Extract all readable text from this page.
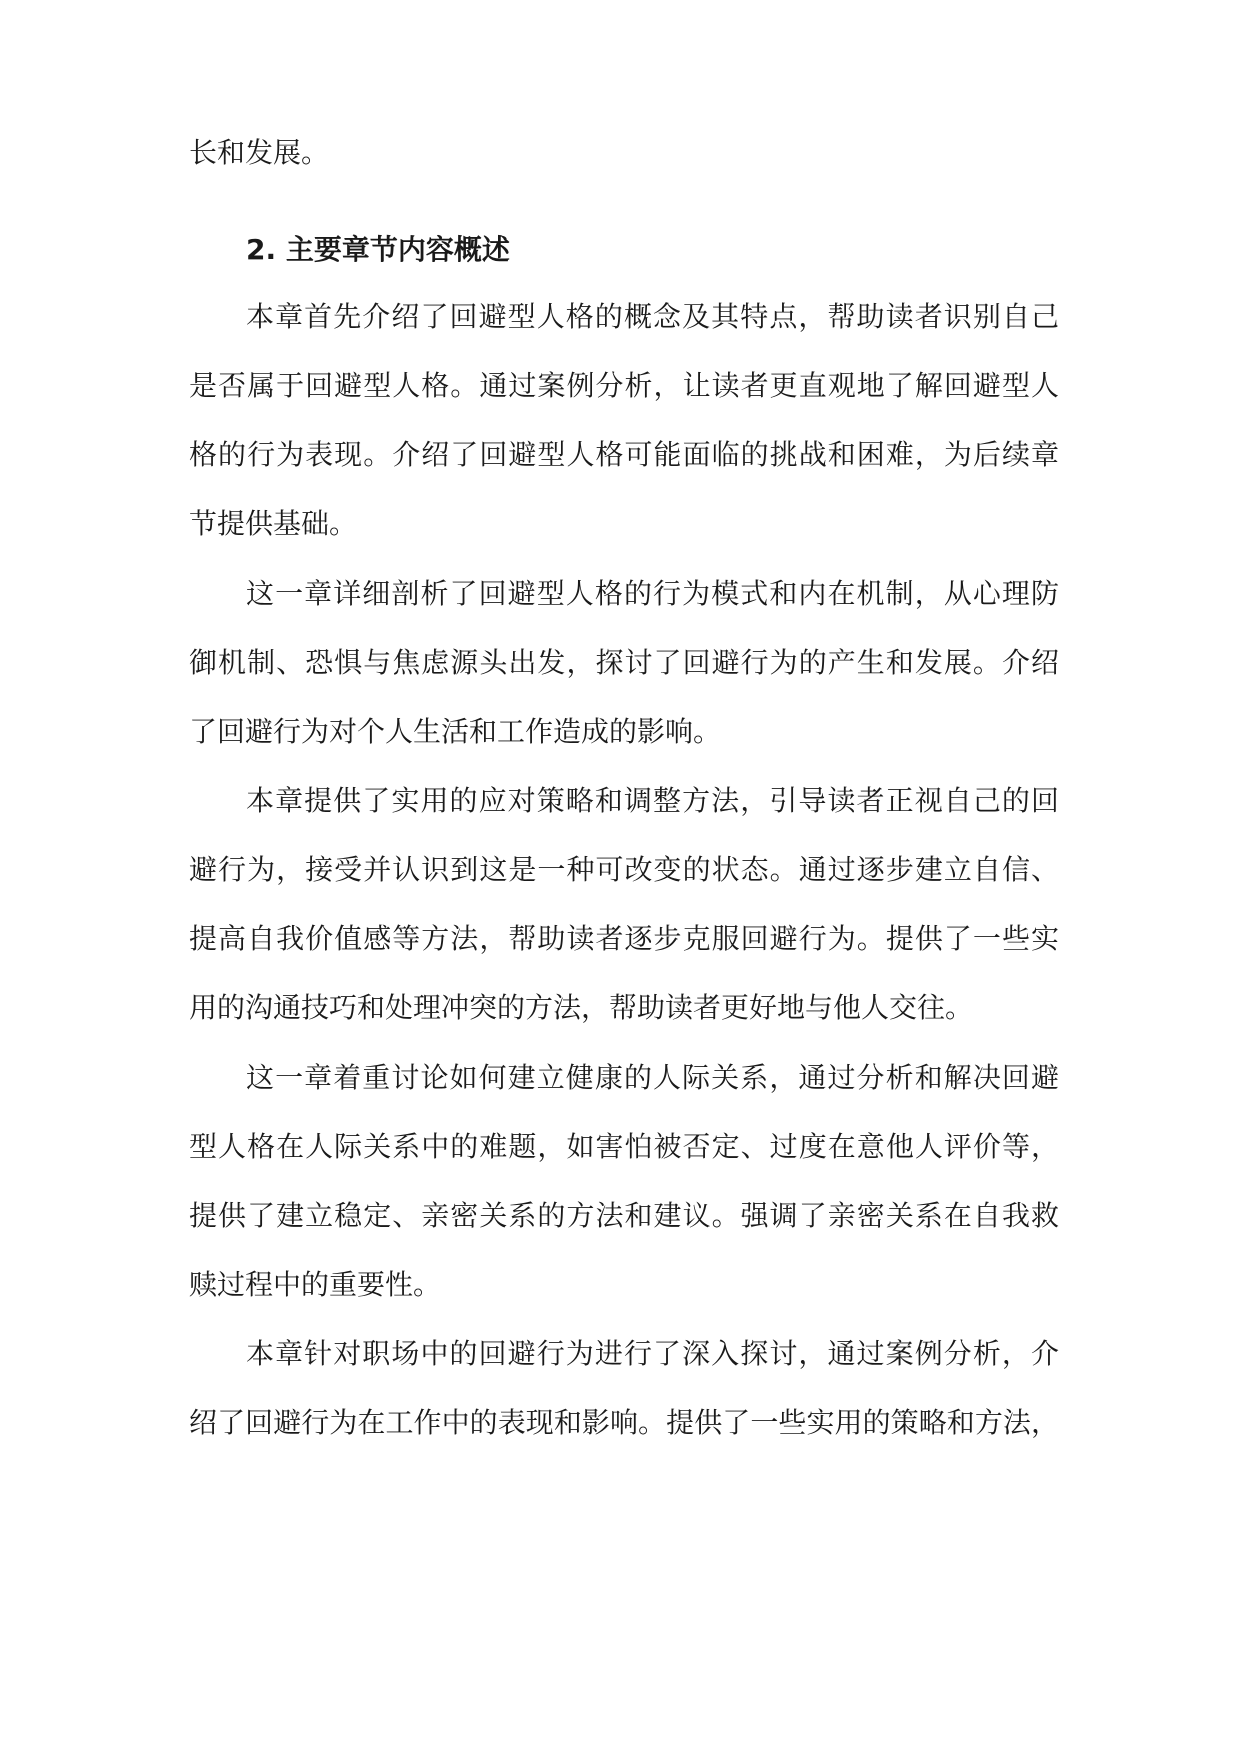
长和发展。
2. 主要章节内容概述
本章首先介绍了回避型人格的概念及其特点，帮助读者识别自己
是否属于回避型人格。通过案例分析，让读者更直观地了解回避型人
格的行为表现。介绍了回避型人格可能面临的挑战和困难，为后续章
节提供基础。
这一章详细剖析了回避型人格的行为模式和内在机制，从心理防
御机制、恐惧与焦虑源头出发，探讨了回避行为的产生和发展。介绍
了回避行为对个人生活和工作造成的影响。
本章提供了实用的应对策略和调整方法，引导读者正视自己的回
避行为，接受并认识到这是一种可改变的状态。通过逐步建立自信、
提高自我价值感等方法，帮助读者逐步克服回避行为。提供了一些实
用的沟通技巧和处理冲突的方法，帮助读者更好地与他人交往。
这一章着重讨论如何建立健康的人际关系，通过分析和解决回避
型人格在人际关系中的难题，如害怕被否定、过度在意他人评价等，
提供了建立稳定、亲密关系的方法和建议。强调了亲密关系在自我救
赎过程中的重要性。
本章针对职场中的回避行为进行了深入探讨，通过案例分析，介
绍了回避行为在工作中的表现和影响。提供了一些实用的策略和方法，
